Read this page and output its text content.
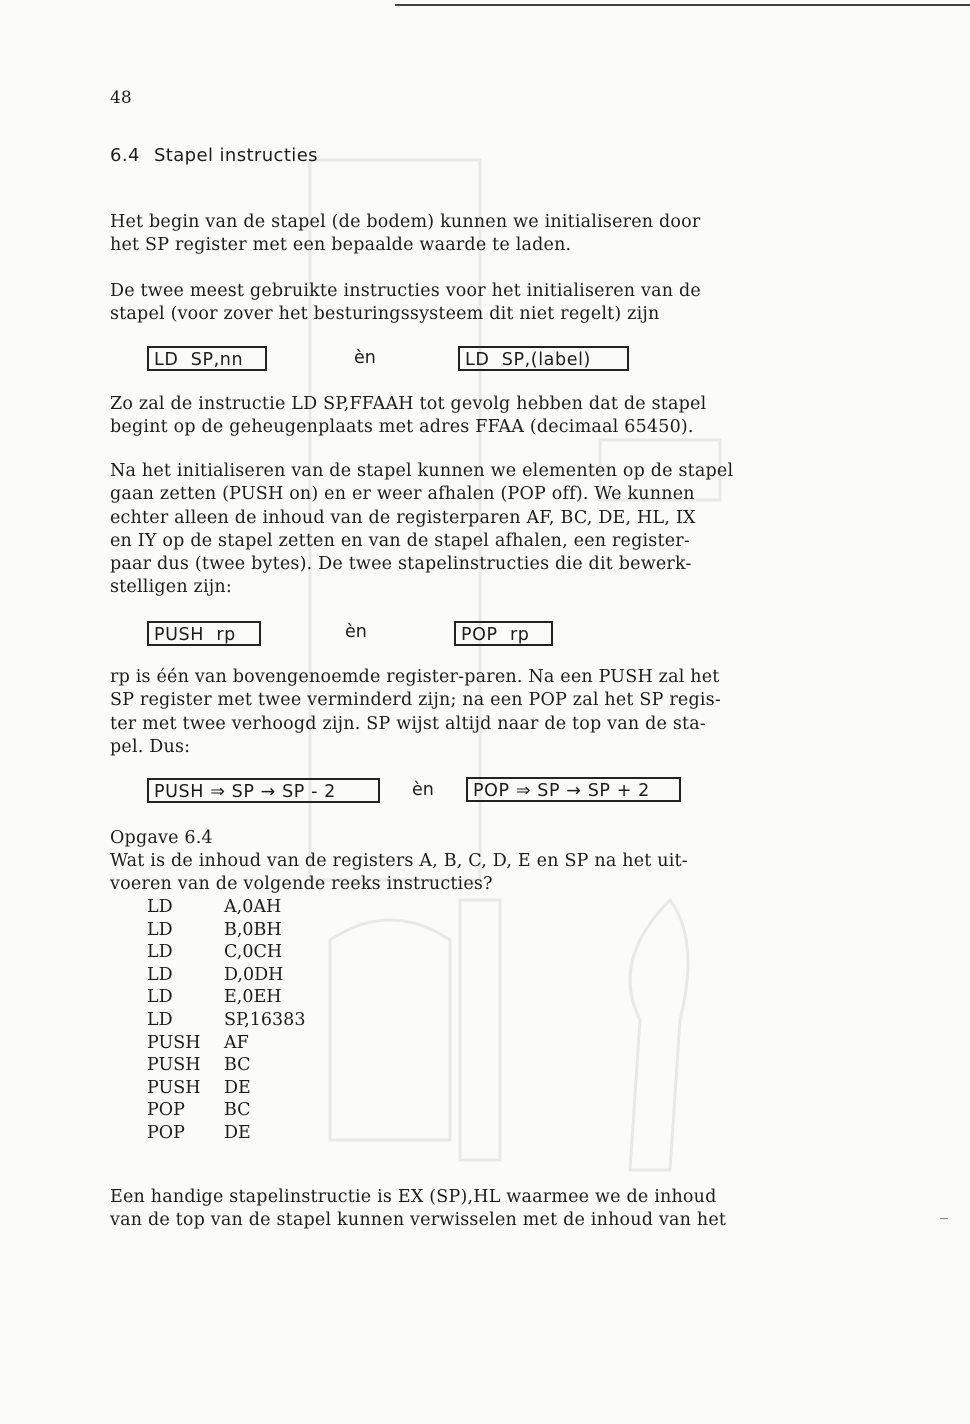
48
6.4 Stapel instructies
Het begin van de stapel (de bodem) kunnen we initialiseren door
het SP register met een bepaalde waarde te laden.
De twee meest gebruikte instructies voor het initialiseren van de
stapel (voor zover het besturingssysteem dit niet regelt) zijn
LD  SP,nn	èn	LD  SP,(label)
Zo zal de instructie LD SP,FFAAH tot gevolg hebben dat de stapel
begint op de geheugenplaats met adres FFAA (decimaal 65450).
Na het initialiseren van de stapel kunnen we elementen op de stapel
gaan zetten (PUSH on) en er weer afhalen (POP off). We kunnen
echter alleen de inhoud van de registerparen AF, BC, DE, HL, IX
en IY op de stapel zetten en van de stapel afhalen, een register-
paar dus (twee bytes). De twee stapelinstructies die dit bewerk-
stelligen zijn:
PUSH  rp	èn	POP  rp
rp is één van bovengenoemde register-paren. Na een PUSH zal het
SP register met twee verminderd zijn; na een POP zal het SP regis-
ter met twee verhoogd zijn. SP wijst altijd naar de top van de sta-
pel. Dus:
PUSH ⇒ SP → SP - 2	èn	POP ⇒ SP → SP + 2
Opgave 6.4
Wat is de inhoud van de registers A, B, C, D, E en SP na het uit-
voeren van de volgende reeks instructies?
LD	A,0AH
LD	B,0BH
LD	C,0CH
LD	D,0DH
LD	E,0EH
LD	SP,16383
PUSH	AF
PUSH	BC
PUSH	DE
POP	BC
POP	DE
Een handige stapelinstructie is EX (SP),HL waarmee we de inhoud
van de top van de stapel kunnen verwisselen met de inhoud van het
